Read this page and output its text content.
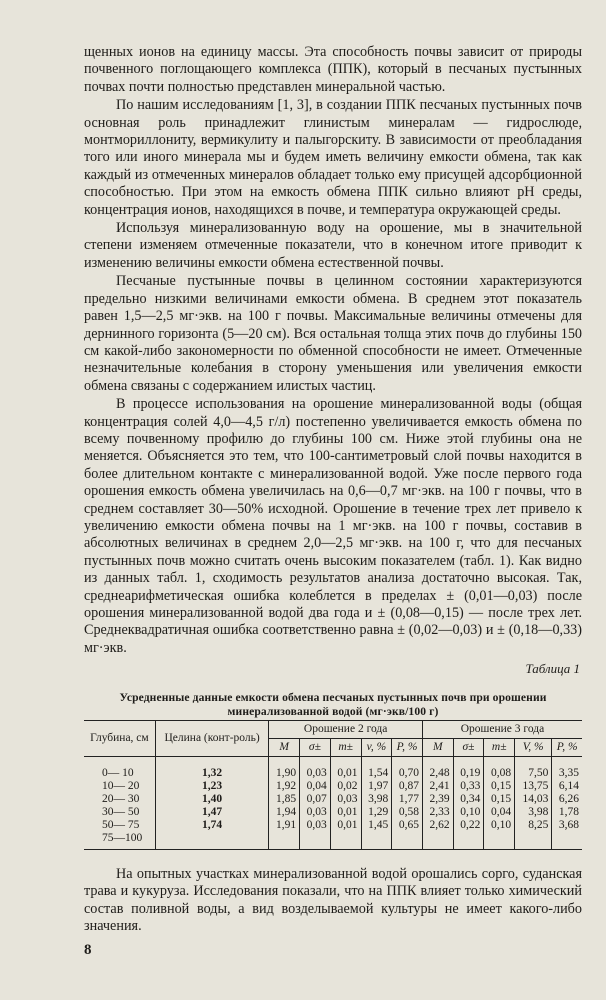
щенных ионов на единицу массы. Эта способность почвы зависит от природы почвенного поглощающего комплекса (ППК), который в песчаных пустынных почвах почти полностью представлен минеральной частью.

По нашим исследованиям [1, 3], в создании ППК песчаных пустынных почв основная роль принадлежит глинистым минералам — гидрослюде, монтмориллониту, вермикулиту и палыгорскиту. В зависимости от преобладания того или иного минерала мы и будем иметь величину емкости обмена, так как каждый из отмеченных минералов обладает только ему присущей адсорбционной способностью. При этом на емкость обмена ППК сильно влияют pH среды, концентрация ионов, находящихся в почве, и температура окружающей среды.

Используя минерализованную воду на орошение, мы в значительной степени изменяем отмеченные показатели, что в конечном итоге приводит к изменению величины емкости обмена естественной почвы.

Песчаные пустынные почвы в целинном состоянии характеризуются предельно низкими величинами емкости обмена. В среднем этот показатель равен 1,5—2,5 мг·экв. на 100 г почвы. Максимальные величины отмечены для дернинного горизонта (5—20 см). Вся остальная толща этих почв до глубины 150 см какой-либо закономерности по обменной способности не имеет. Отмеченные незначительные колебания в сторону уменьшения или увеличения емкости обмена связаны с содержанием илистых частиц.

В процессе использования на орошение минерализованной воды (общая концентрация солей 4,0—4,5 г/л) постепенно увеличивается емкость обмена по всему почвенному профилю до глубины 100 см. Ниже этой глубины она не меняется. Объясняется это тем, что 100-сантиметровый слой почвы находится в более длительном контакте с минерализованной водой. Уже после первого года орошения емкость обмена увеличилась на 0,6—0,7 мг·экв. на 100 г почвы, что в среднем составляет 30—50% исходной. Орошение в течение трех лет привело к увеличению емкости обмена почвы на 1 мг·экв. на 100 г почвы, составив в абсолютных величинах в среднем 2,0—2,5 мг·экв. на 100 г, что для песчаных пустынных почв можно считать очень высоким показателем (табл. 1). Как видно из данных табл. 1, сходимость результатов анализа достаточно высокая. Так, среднеарифметическая ошибка колеблется в пределах ± (0,01—0,03) после орошения минерализованной водой два года и ± (0,08—0,15) — после трех лет. Среднеквадратичная ошибка соответственно равна ± (0,02—0,03) и ± (0,18—0,33) мг·экв.

Таблица 1
Усредненные данные емкости обмена песчаных пустынных почв при орошении минерализованной водой (мг·экв/100 г)
Глубина, см	Целина (конт-роль)	Орошение 2 года					Орошение 3 года				
		M	σ±	m±	v, %	P, %	M	σ±	m±	V, %	P, %
0— 10	1,32	1,90	0,03	0,01	1,54	0,70	2,48	0,19	0,08	7,50	3,35
10— 20	1,23	1,92	0,04	0,02	1,97	0,87	2,41	0,33	0,15	13,75	6,14
20— 30	1,40	1,85	0,07	0,03	3,98	1,77	2,39	0,34	0,15	14,03	6,26
30— 50	1,47	1,94	0,03	0,01	1,29	0,58	2,33	0,10	0,04	3,98	1,78
50— 75	1,74	1,91	0,03	0,01	1,45	0,65	2,62	0,22	0,10	8,25	3,68
75—100											

На опытных участках минерализованной водой орошались сорго, суданская трава и кукуруза. Исследования показали, что на ППК влияет только химический состав поливной воды, а вид возделываемой культуры не имеет какого-либо значения.

8
